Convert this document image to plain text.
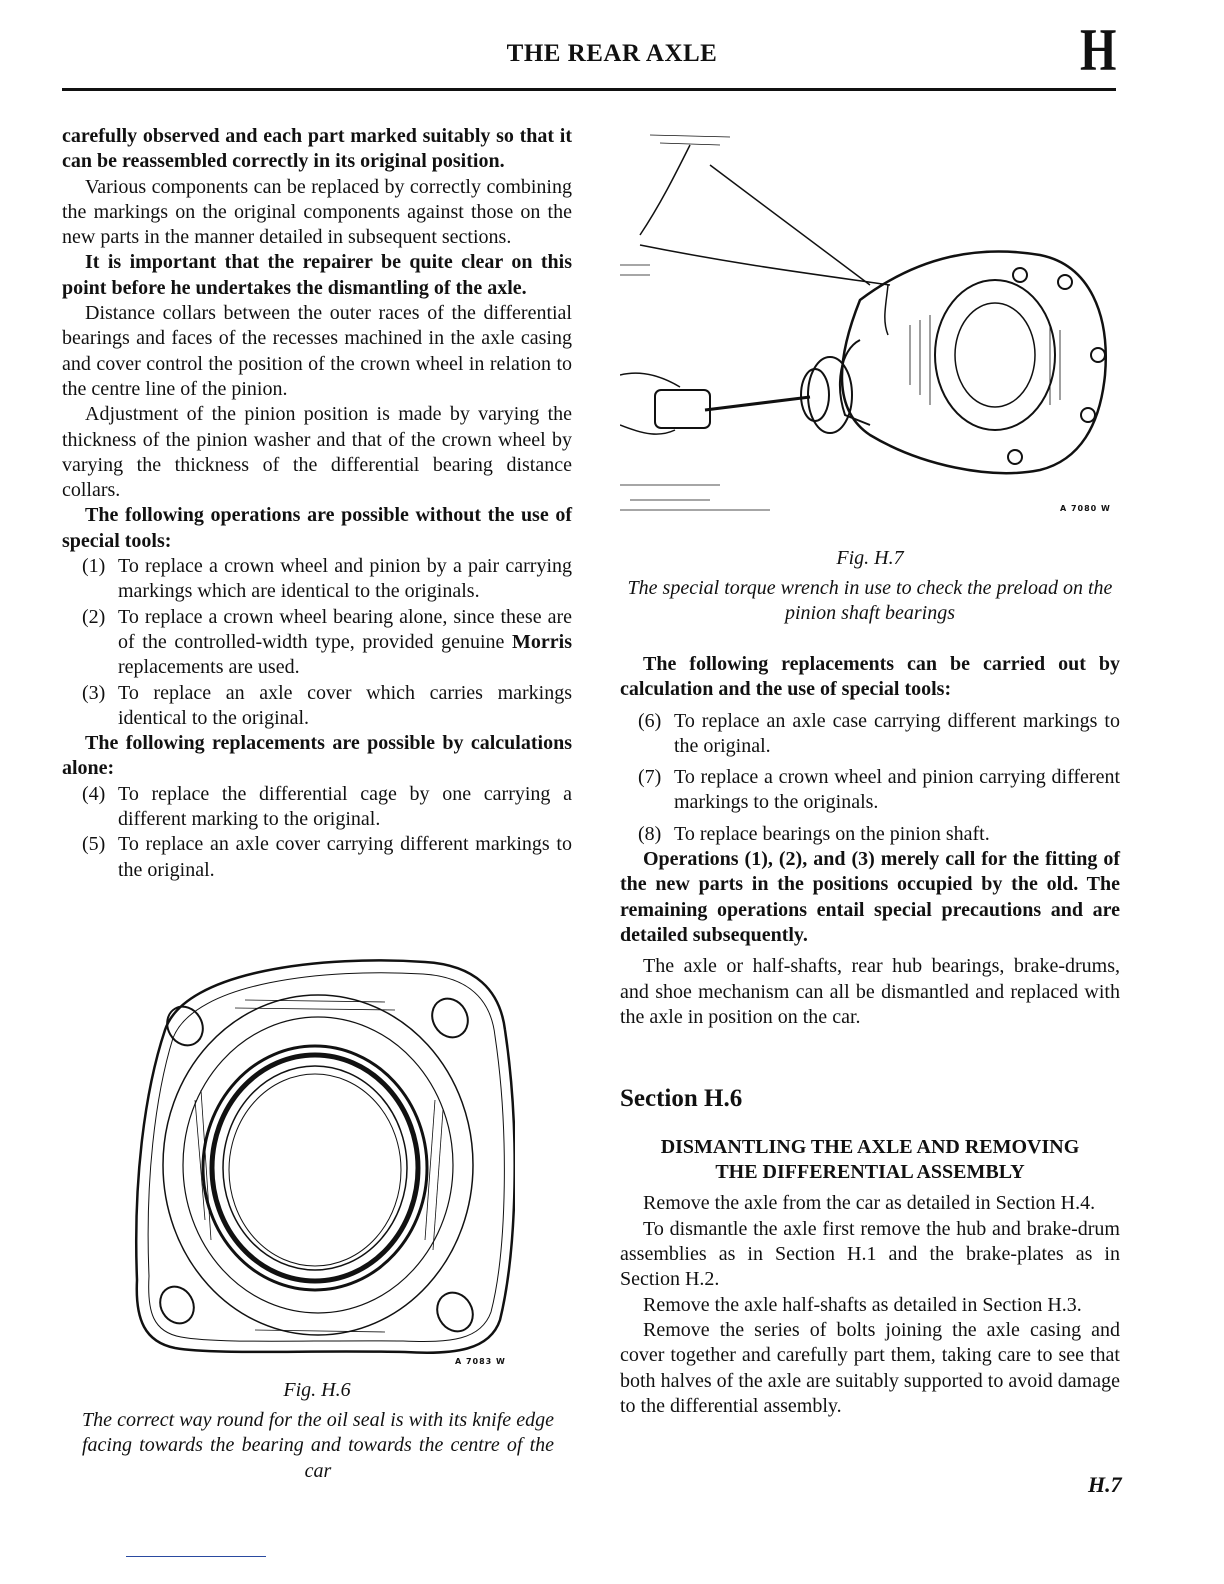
THE REAR AXLE	H

carefully observed and each part marked suitably so that it can be reassembled correctly in its original position.

Various components can be replaced by correctly combining the markings on the original components against those on the new parts in the manner detailed in subsequent sections.

It is important that the repairer be quite clear on this point before he undertakes the dismantling of the axle.

Distance collars between the outer races of the differential bearings and faces of the recesses machined in the axle casing and cover control the position of the crown wheel in relation to the centre line of the pinion.

Adjustment of the pinion position is made by varying the thickness of the pinion washer and that of the crown wheel by varying the thickness of the differential bearing distance collars.

The following operations are possible without the use of special tools:

(1) To replace a crown wheel and pinion by a pair carrying markings which are identical to the originals.
(2) To replace a crown wheel bearing alone, since these are of the controlled-width type, provided genuine Morris replacements are used.
(3) To replace an axle cover which carries markings identical to the original.

The following replacements are possible by calculations alone:

(4) To replace the differential cage by one carrying a different marking to the original.
(5) To replace an axle cover carrying different markings to the original.
A 7083 W
Fig. H.6
The correct way round for the oil seal is with its knife edge facing towards the bearing and towards the centre of the car
A 7080 W
Fig. H.7
The special torque wrench in use to check the preload on the pinion shaft bearings

The following replacements can be carried out by calculation and the use of special tools:

(6) To replace an axle case carrying different markings to the original.
(7) To replace a crown wheel and pinion carrying different markings to the originals.
(8) To replace bearings on the pinion shaft.

Operations (1), (2), and (3) merely call for the fitting of the new parts in the positions occupied by the old. The remaining operations entail special precautions and are detailed subsequently.

The axle or half-shafts, rear hub bearings, brake-drums, and shoe mechanism can all be dismantled and replaced with the axle in position on the car.

Section H.6

DISMANTLING THE AXLE AND REMOVING THE DIFFERENTIAL ASSEMBLY

Remove the axle from the car as detailed in Section H.4.

To dismantle the axle first remove the hub and brake-drum assemblies as in Section H.1 and the brake-plates as in Section H.2.

Remove the axle half-shafts as detailed in Section H.3.

Remove the series of bolts joining the axle casing and cover together and carefully part them, taking care to see that both halves of the axle are suitably supported to avoid damage to the differential assembly.

H.7
